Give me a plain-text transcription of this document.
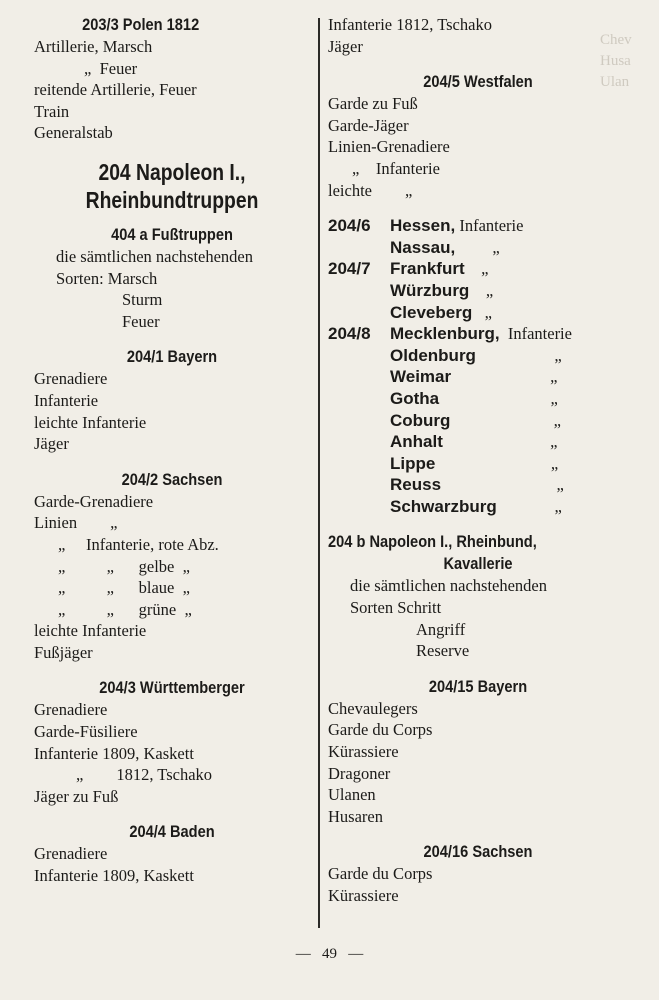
Chev
Husa
Ulan
203/3 Polen 1812
Artillerie, Marsch
„  Feuer
reitende Artillerie, Feuer
Train
Generalstab
204 Napoleon I.,
Rheinbundtruppen
404 a Fußtruppen
die sämtlichen nachstehenden
Sorten: Marsch
Sturm
Feuer
204/1 Bayern
Grenadiere
Infanterie
leichte Infanterie
Jäger
204/2 Sachsen
Garde-Grenadiere
Linien        „
„     Infanterie, rote Abz.
„          „      gelbe  „
„          „      blaue  „
„          „      grüne  „
leichte Infanterie
Fußjäger
204/3 Württemberger
Grenadiere
Garde-Füsiliere
Infanterie 1809, Kaskett
„        1812, Tschako
Jäger zu Fuß
204/4 Baden
Grenadiere
Infanterie 1809, Kaskett
Infanterie 1812, Tschako
Jäger
204/5 Westfalen
Garde zu Fuß
Garde-Jäger
Linien-Grenadiere
„    Infanterie
leichte        „
204/6	Hessen, Infanterie
Nassau, „
204/7	Frankfurt „
Würzburg „
Cleveberg „
204/8	Mecklenburg, Infanterie
Oldenburg „
Weimar „
Gotha „
Coburg „
Anhalt „
Lippe „
Reuss „
Schwarzburg „
204 b Napoleon I., Rheinbund,
Kavallerie
die sämtlichen nachstehenden
Sorten Schritt
Angriff
Reserve
204/15 Bayern
Chevaulegers
Garde du Corps
Kürassiere
Dragoner
Ulanen
Husaren
204/16 Sachsen
Garde du Corps
Kürassiere
—   49   —
